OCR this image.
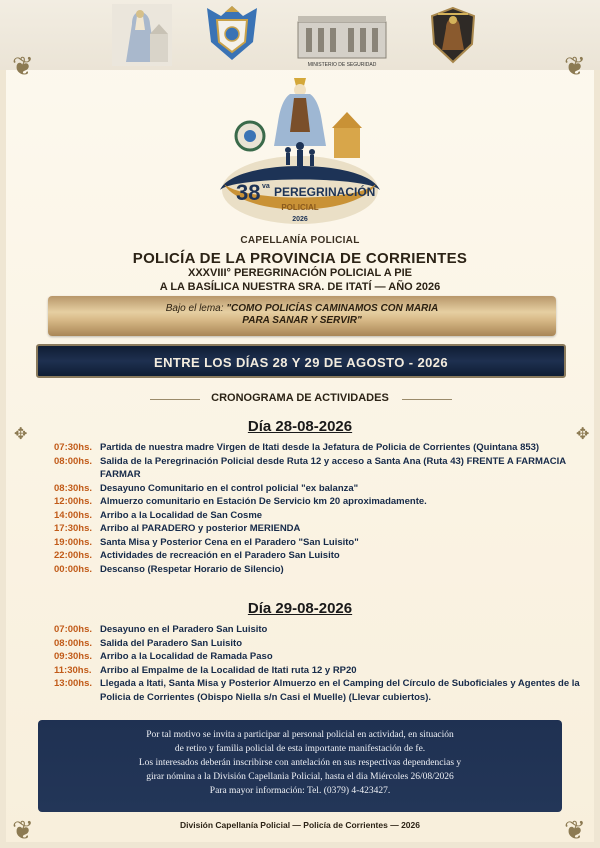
MINISTERIO DE SEGURIDAD
❦	❦
❦	❦
✥	✥
38 va PEREGRINACIÓN
POLICIAL
2026
CAPELLANÍA POLICIAL
POLICÍA DE LA PROVINCIA DE CORRIENTES
XXXVIII° PEREGRINACIÓN POLICIAL A PIE
A LA BASÍLICA NUESTRA SRA. DE ITATÍ — AÑO 2026
Bajo el lema: "COMO POLICÍAS CAMINAMOS CON MARIA
PARA SANAR Y SERVIR"
ENTRE LOS DÍAS 28 Y 29 DE AGOSTO - 2026
CRONOGRAMA DE ACTIVIDADES
Día 28-08-2026
07:30hs. Partida de nuestra madre Virgen de Itati desde la Jefatura de Policia de Corrientes (Quintana 853)
08:00hs. Salida de la Peregrinación Policial desde Ruta 12 y acceso a Santa Ana (Ruta 43) FRENTE A FARMACIA FARMAR
08:30hs. Desayuno Comunitario en el control policial "ex balanza"
12:00hs. Almuerzo comunitario en Estación De Servicio km 20 aproximadamente.
14:00hs. Arribo a la Localidad de San Cosme
17:30hs. Arribo al PARADERO y posterior MERIENDA
19:00hs. Santa Misa y Posterior Cena en el Paradero "San Luisito"
22:00hs. Actividades de recreación en el Paradero San Luisito
00:00hs. Descanso (Respetar Horario de Silencio)
Día 29-08-2026
07:00hs. Desayuno en el Paradero San Luisito
08:00hs. Salida del Paradero San Luisito
09:30hs. Arribo a la Localidad de Ramada Paso
11:30hs. Arribo al Empalme de la Localidad de Itati ruta 12 y RP20
13:00hs. Llegada a Itati, Santa Misa y Posterior Almuerzo en el Camping del Círculo de Suboficiales y Agentes de la Policia de Corrientes (Obispo Niella s/n Casi el Muelle) (Llevar cubiertos).
Por tal motivo se invita a participar al personal policial en actividad, en situación
de retiro y familia policial de esta importante manifestación de fe.
Los interesados deberán inscribirse con antelación en sus respectivas dependencias y
girar nómina a la División Capellania Policial, hasta el dia Miércoles 26/08/2026
Para mayor información: Tel. (0379) 4-423427.
División Capellanía Policial — Policía de Corrientes — 2026
